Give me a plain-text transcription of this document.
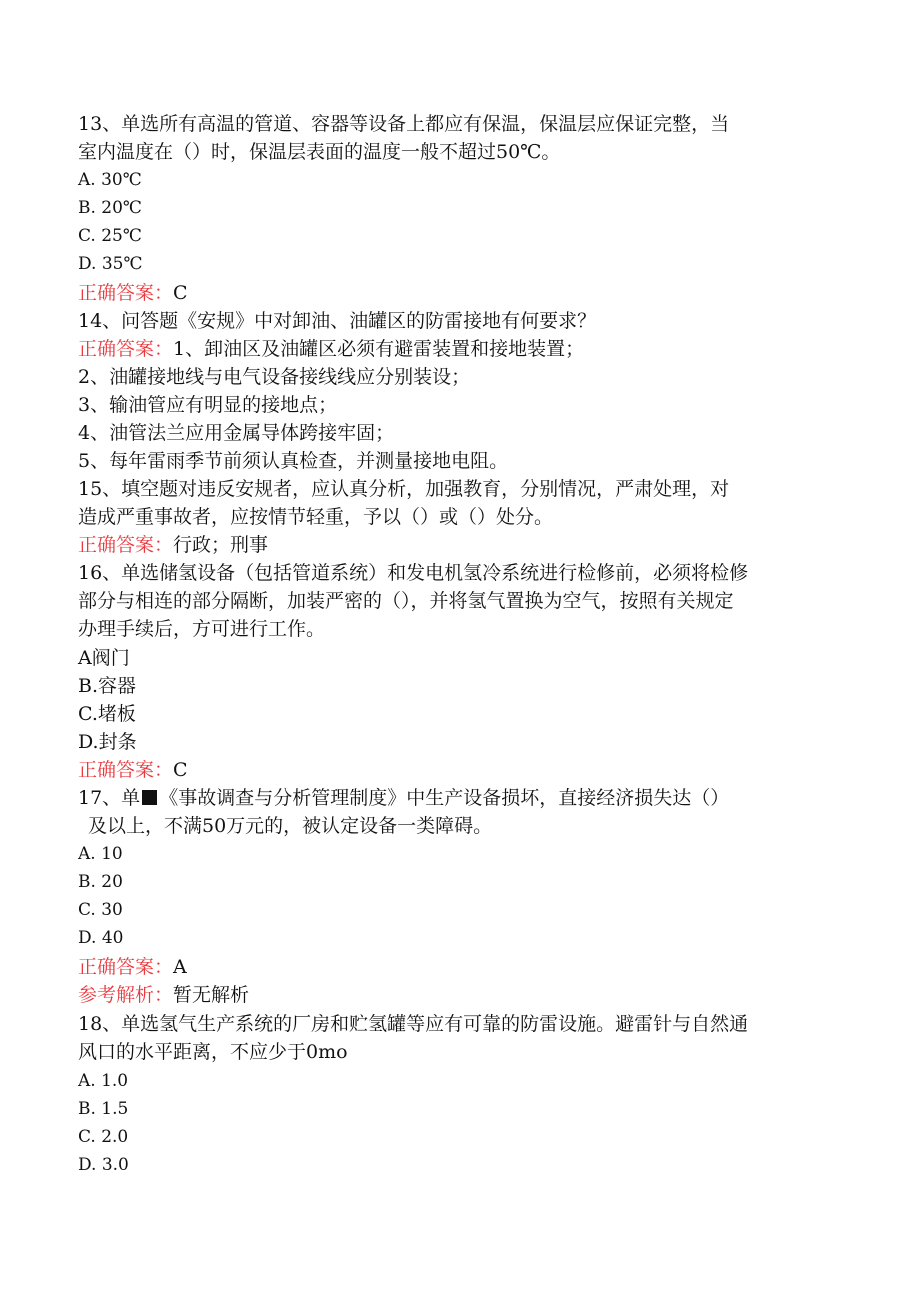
13、单选所有高温的管道、容器等设备上都应有保温，保温层应保证完整，当
室内温度在（）时，保温层表面的温度一般不超过50℃。
A. 30℃
B. 20℃
C. 25℃
D. 35℃
正确答案：C
14、问答题《安规》中对卸油、油罐区的防雷接地有何要求？
正确答案：1、卸油区及油罐区必须有避雷装置和接地装置；
2、油罐接地线与电气设备接线线应分别装设；
3、输油管应有明显的接地点；
4、油管法兰应用金属导体跨接牢固；
5、每年雷雨季节前须认真检查，并测量接地电阻。
15、填空题对违反安规者，应认真分析，加强教育，分别情况，严肃处理，对
造成严重事故者，应按情节轻重，予以（）或（）处分。
正确答案：行政；刑事
16、单选储氢设备（包括管道系统）和发电机氢冷系统进行检修前，必须将检修
部分与相连的部分隔断，加装严密的（），并将氢气置换为空气，按照有关规定
办理手续后，方可进行工作。
A阀门
B.容器
C.堵板
D.封条
正确答案：C
17、单 《事故调查与分析管理制度》中生产设备损坏，直接经济损失达（）
及以上，不满50万元的，被认定设备一类障碍。
A. 10
B. 20
C. 30
D. 40
正确答案：A
参考解析：暂无解析
18、单选氢气生产系统的厂房和贮氢罐等应有可靠的防雷设施。避雷针与自然通
风口的水平距离，不应少于0mo
A. 1.0
B. 1.5
C. 2.0
D. 3.0
